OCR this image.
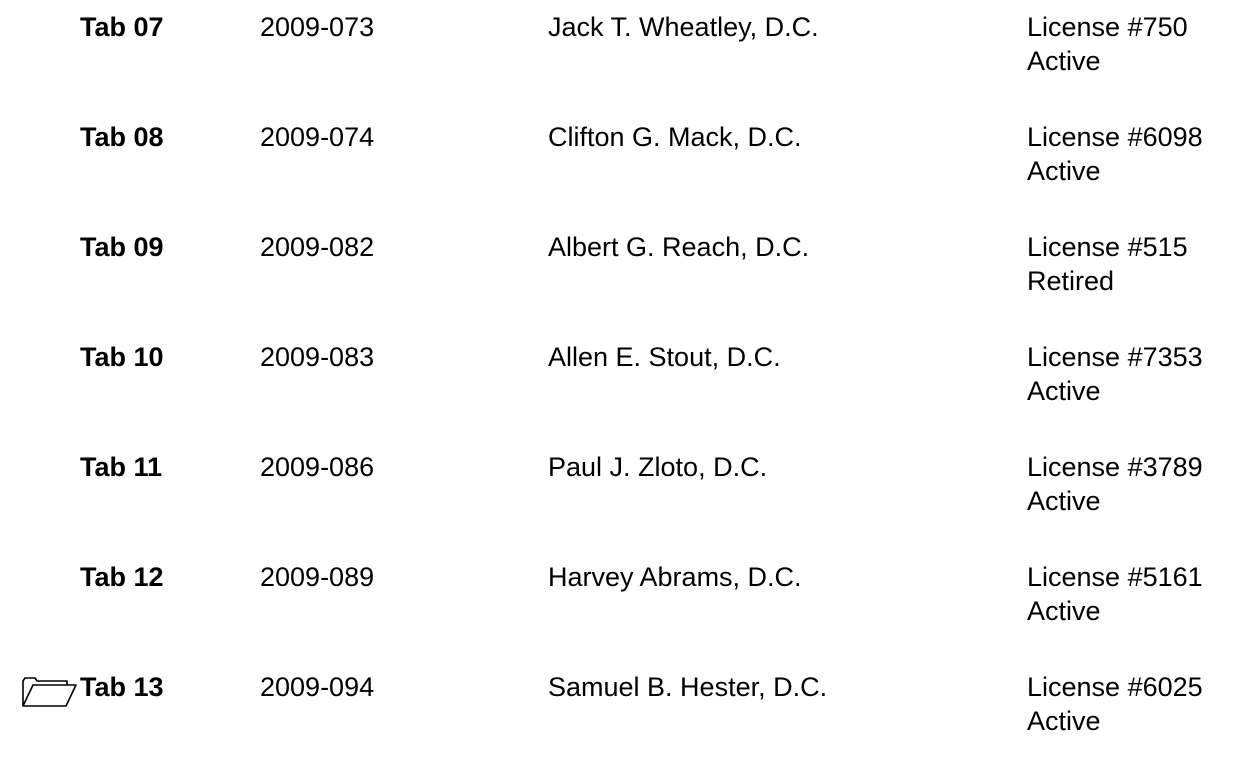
Tab 07	2009-073	Jack T. Wheatley, D.C.	License #750
Active
Tab 08	2009-074	Clifton G. Mack, D.C.	License #6098
Active
Tab 09	2009-082	Albert G. Reach, D.C.	License #515
Retired
Tab 10	2009-083	Allen E. Stout, D.C.	License #7353
Active
Tab 11	2009-086	Paul J. Zloto, D.C.	License #3789
Active
Tab 12	2009-089	Harvey Abrams, D.C.	License #5161
Active
Tab 13	2009-094	Samuel B. Hester, D.C.	License #6025
Active
